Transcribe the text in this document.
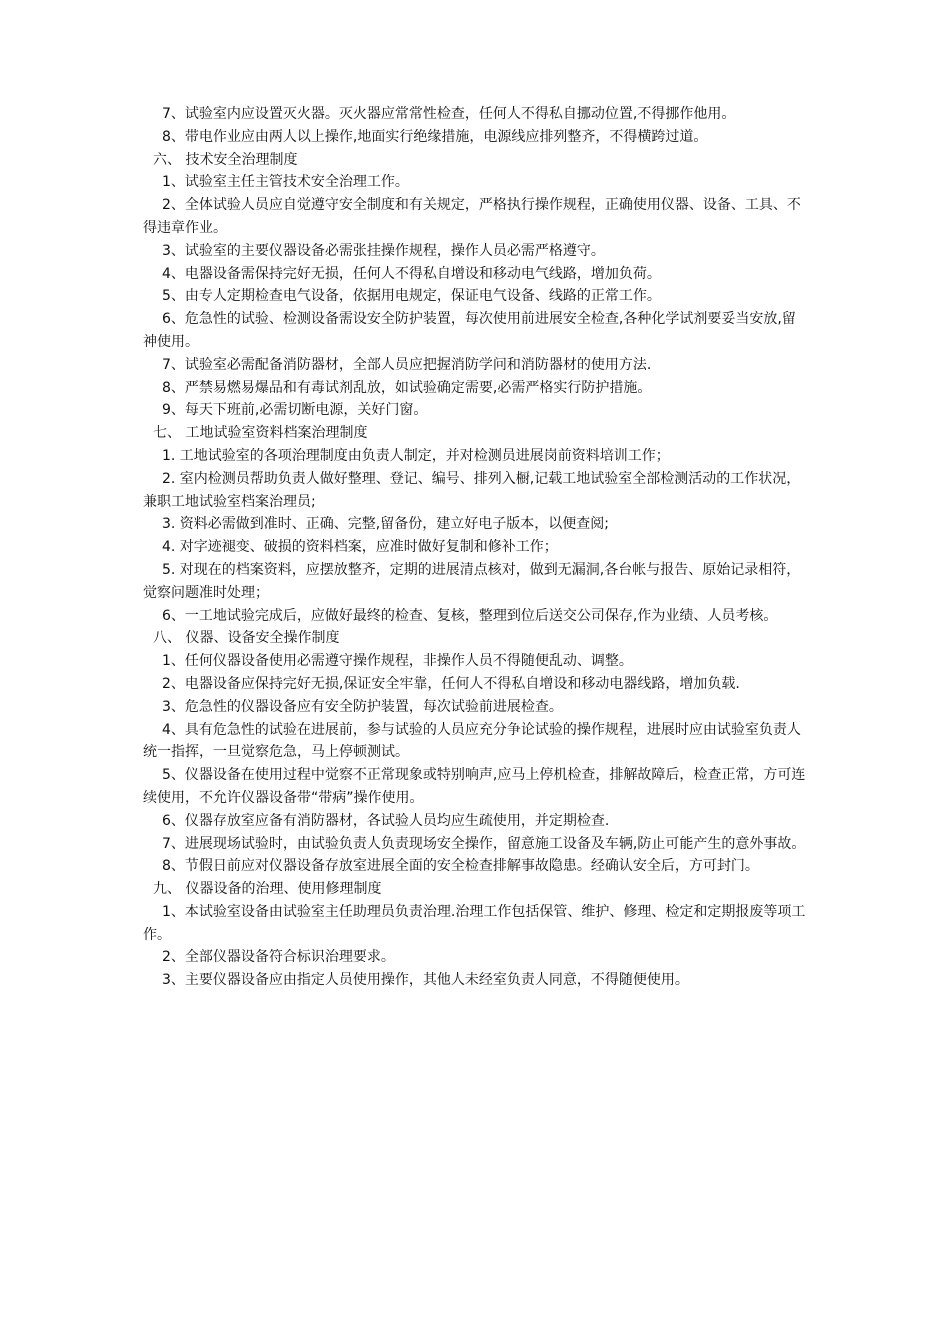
7、试验室内应设置灭火器。灭火器应常常性检查，任何人不得私自挪动位置,不得挪作他用。

8、带电作业应由两人以上操作,地面实行绝缘措施，电源线应排列整齐，不得横跨过道。

六、 技术安全治理制度

1、试验室主任主管技术安全治理工作。

2、全体试验人员应自觉遵守安全制度和有关规定，严格执行操作规程，正确使用仪器、设备、工具、不得违章作业。

3、试验室的主要仪器设备必需张挂操作规程，操作人员必需严格遵守。

4、电器设备需保持完好无损，任何人不得私自增设和移动电气线路，增加负荷。

5、由专人定期检查电气设备，依据用电规定，保证电气设备、线路的正常工作。

6、危急性的试验、检测设备需设安全防护装置，每次使用前进展安全检查,各种化学试剂要妥当安放,留神使用。

7、试验室必需配备消防器材，全部人员应把握消防学问和消防器材的使用方法.

8、严禁易燃易爆品和有毒试剂乱放，如试验确定需要,必需严格实行防护措施。

9、每天下班前,必需切断电源，关好门窗。

七、 工地试验室资料档案治理制度

1. 工地试验室的各项治理制度由负责人制定，并对检测员进展岗前资料培训工作；

2. 室内检测员帮助负责人做好整理、登记、编号、排列入橱,记载工地试验室全部检测活动的工作状况，兼职工地试验室档案治理员;

3. 资料必需做到准时、正确、完整,留备份，建立好电子版本，以便查阅;

4. 对字迹褪变、破损的资料档案，应准时做好复制和修补工作；

5. 对现在的档案资料，应摆放整齐，定期的进展清点核对，做到无漏洞,各台帐与报告、原始记录相符，觉察问题准时处理；

6、一工地试验完成后，应做好最终的检查、复核，整理到位后送交公司保存,作为业绩、人员考核。

八、 仪器、设备安全操作制度

1、任何仪器设备使用必需遵守操作规程，非操作人员不得随便乱动、调整。

2、电器设备应保持完好无损,保证安全牢靠，任何人不得私自增设和移动电器线路，增加负载.

3、危急性的仪器设备应有安全防护装置，每次试验前进展检查。

4、具有危急性的试验在进展前，参与试验的人员应充分争论试验的操作规程，进展时应由试验室负责人统一指挥，一旦觉察危急，马上停顿测试。

5、仪器设备在使用过程中觉察不正常现象或特别响声,应马上停机检查，排解故障后，检查正常，方可连续使用，不允许仪器设备带“带病”操作使用。

6、仪器存放室应备有消防器材，各试验人员均应生疏使用，并定期检查.

7、进展现场试验时，由试验负责人负责现场安全操作，留意施工设备及车辆,防止可能产生的意外事故。

8、节假日前应对仪器设备存放室进展全面的安全检查排解事故隐患。经确认安全后，方可封门。

九、 仪器设备的治理、使用修理制度

1、本试验室设备由试验室主任助理员负责治理.治理工作包括保管、维护、修理、检定和定期报废等项工作。

2、全部仪器设备符合标识治理要求。

3、主要仪器设备应由指定人员使用操作，其他人未经室负责人同意，不得随便使用。
